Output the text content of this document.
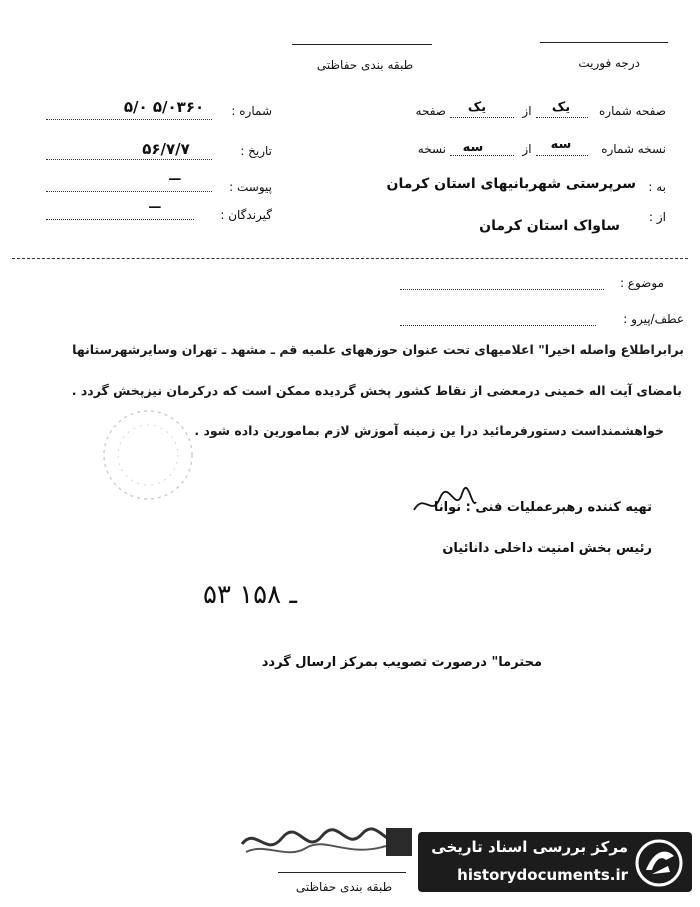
درجه فوریت
طبقه بندی حفاظتی
صفحه شماره
یک
از
یک
صفحه
نسخه شماره
سه
از
سه
نسخه
به :
سرپرستی شهربانیهای استان کرمان
از :
ساواک استان کرمان
شماره :
۵/۰ ۵/۰۳۶۰
تاریخ :
۵۶/۷/۷
پیوست :
—
گیرندگان :
—
موضوع :
عطف/پیرو :
برابراطلاع واصله اخیرا" اعلامیهای تحت عنوان حوزههای علمیه قم ـ مشهد ـ تهران وسایرشهرستانها
بامضای آیت اله خمینی درمعضی از نقاط کشور پخش گردیده ممکن است که درکرمان نیزپخش گردد .
خواهشمنداست دستورفرمائید درا ین زمینه آموزش لازم بمامورین داده شود .
تهیه کننده رهبرعملیات فنی : نوانا
رئیس بخش امنیت داخلی دانائیان
۵۳ ـ ۱۵۸
محترما" درصورت تصویب بمرکز ارسال گردد
طبقه بندی حفاظتی
مرکز بررسی اسناد تاریخی
historydocuments.ir
